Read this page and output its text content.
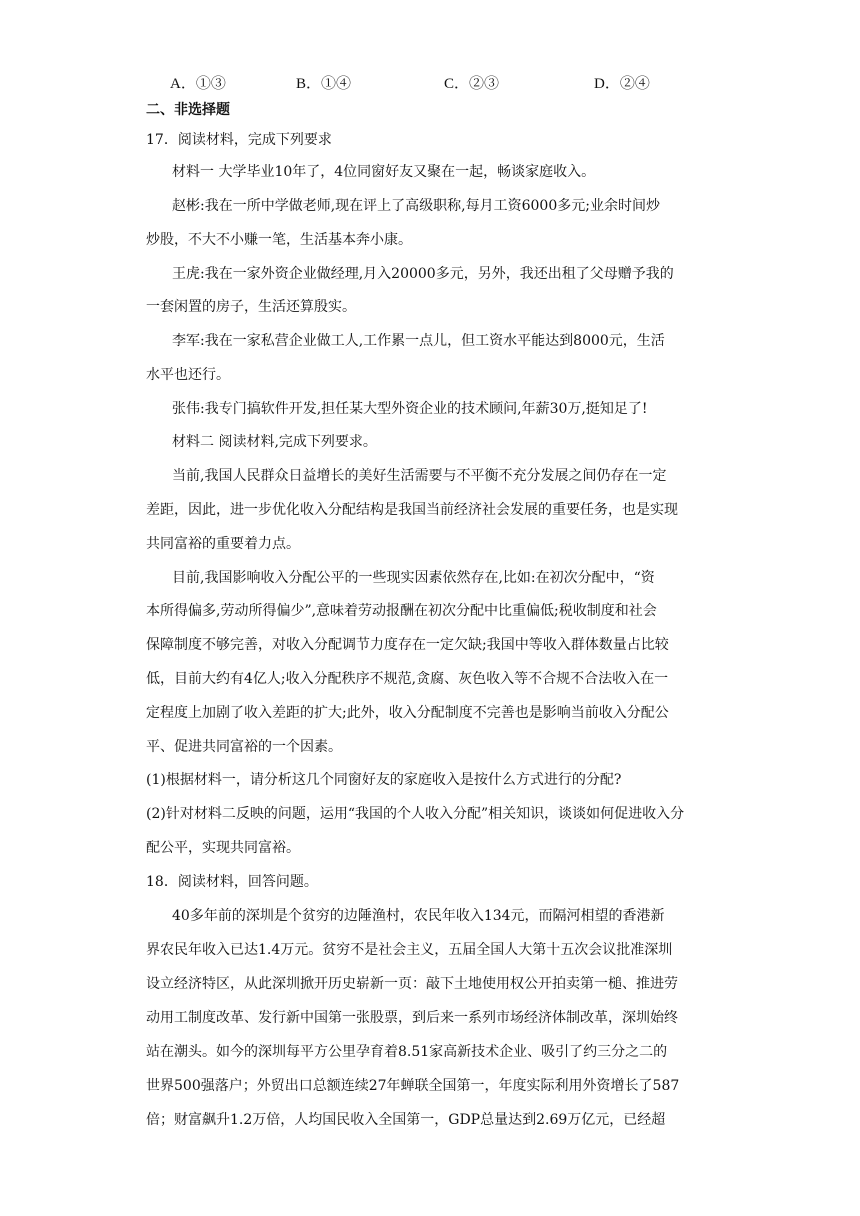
A．①③	B．①④	C．②③	D．②④
二、非选择题
17．阅读材料，完成下列要求
材料一 大学毕业10年了，4位同窗好友又聚在一起，畅谈家庭收入。
赵彬:我在一所中学做老师,现在评上了高级职称,每月工资6000多元;业余时间炒
炒股，不大不小赚一笔，生活基本奔小康。
王虎:我在一家外资企业做经理,月入20000多元，另外，我还出租了父母赠予我的
一套闲置的房子，生活还算殷实。
李军:我在一家私营企业做工人,工作累一点儿，但工资水平能达到8000元，生活
水平也还行。
张伟:我专门搞软件开发,担任某大型外资企业的技术顾问,年薪30万,挺知足了!
材料二 阅读材料,完成下列要求。
当前,我国人民群众日益增长的美好生活需要与不平衡不充分发展之间仍存在一定
差距，因此，进一步优化收入分配结构是我国当前经济社会发展的重要任务，也是实现
共同富裕的重要着力点。
目前,我国影响收入分配公平的一些现实因素依然存在,比如:在初次分配中，“资
本所得偏多,劳动所得偏少”,意味着劳动报酬在初次分配中比重偏低;税收制度和社会
保障制度不够完善，对收入分配调节力度存在一定欠缺;我国中等收入群体数量占比较
低，目前大约有4亿人;收入分配秩序不规范,贪腐、灰色收入等不合规不合法收入在一
定程度上加剧了收入差距的扩大;此外，收入分配制度不完善也是影响当前收入分配公
平、促进共同富裕的一个因素。
(1)根据材料一，请分析这几个同窗好友的家庭收入是按什么方式进行的分配?
(2)针对材料二反映的问题，运用“我国的个人收入分配”相关知识，谈谈如何促进收入分
配公平，实现共同富裕。
18．阅读材料，回答问题。
40多年前的深圳是个贫穷的边陲渔村，农民年收入134元，而隔河相望的香港新
界农民年收入已达1.4万元。贫穷不是社会主义，五届全国人大第十五次会议批准深圳
设立经济特区，从此深圳掀开历史崭新一页：敲下土地使用权公开拍卖第一槌、推进劳
动用工制度改革、发行新中国第一张股票，到后来一系列市场经济体制改革，深圳始终
站在潮头。如今的深圳每平方公里孕育着8.51家高新技术企业、吸引了约三分之二的
世界500强落户；外贸出口总额连续27年蝉联全国第一，年度实际利用外资增长了587
倍；财富飙升1.2万倍，人均国民收入全国第一，GDP总量达到2.69万亿元，已经超
